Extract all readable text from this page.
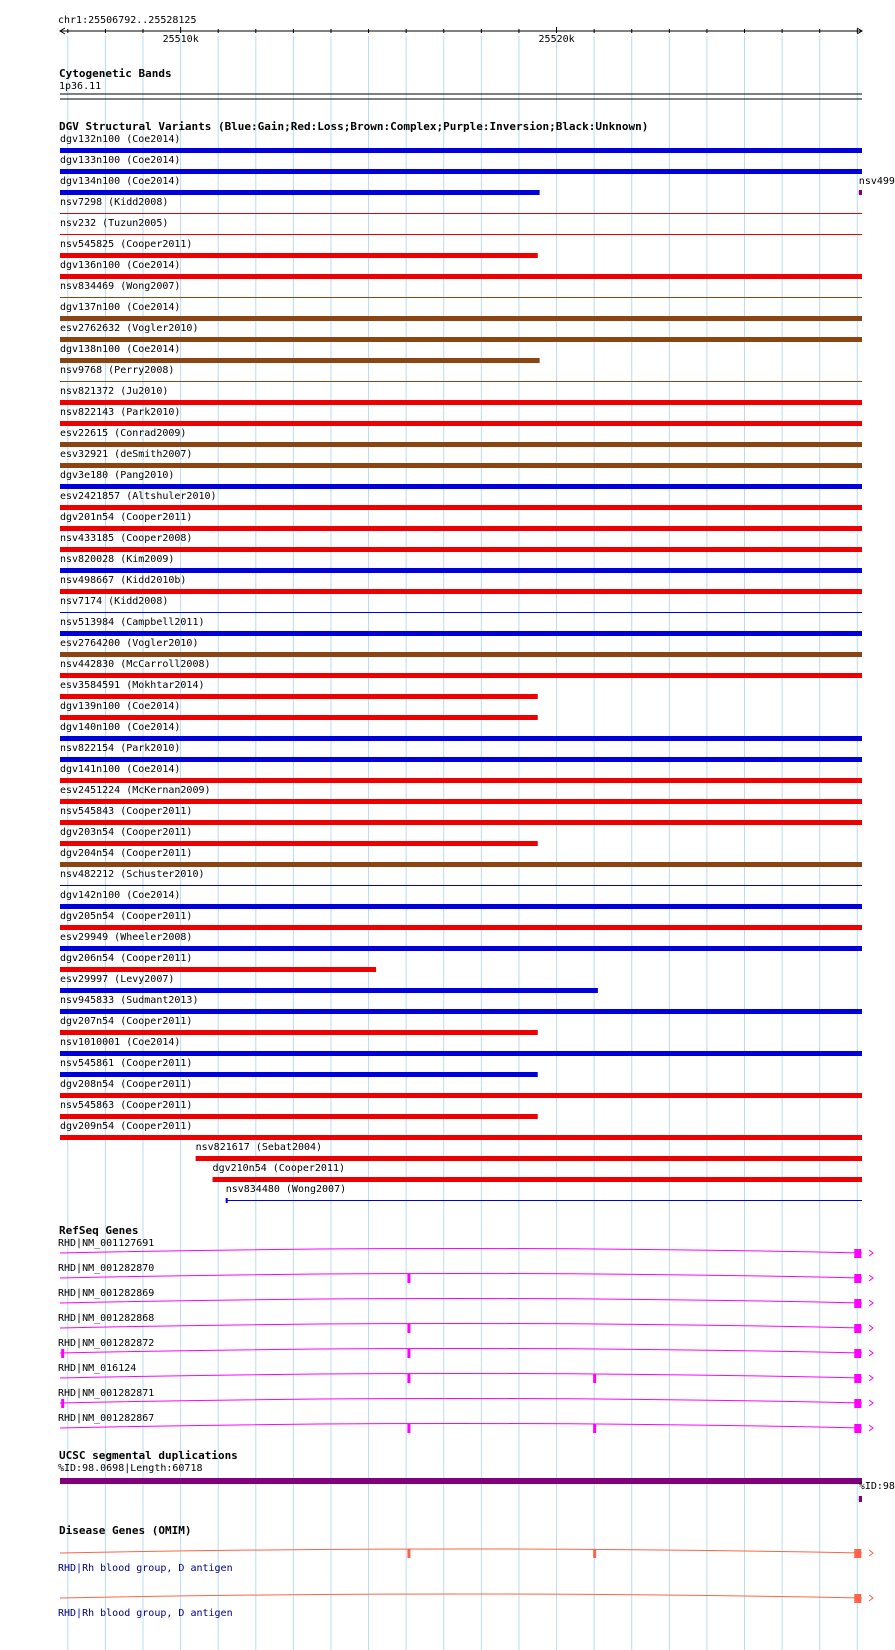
chr1:25506792..25528125
25510k	25520k
dgv132n100 (Coe2014)
dgv133n100 (Coe2014)
dgv134n100 (Coe2014)	nsv499
nsv7298 (Kidd2008)
nsv232 (Tuzun2005)
nsv545825 (Cooper2011)
dgv136n100 (Coe2014)
nsv834469 (Wong2007)
dgv137n100 (Coe2014)
esv2762632 (Vogler2010)
dgv138n100 (Coe2014)
nsv9768 (Perry2008)
nsv821372 (Ju2010)
nsv822143 (Park2010)
esv22615 (Conrad2009)
esv32921 (deSmith2007)
dgv3e180 (Pang2010)
esv2421857 (Altshuler2010)
dgv201n54 (Cooper2011)
nsv433185 (Cooper2008)
nsv820028 (Kim2009)
nsv498667 (Kidd2010b)
nsv7174 (Kidd2008)
nsv513984 (Campbell2011)
esv2764200 (Vogler2010)
nsv442830 (McCarroll2008)
esv3584591 (Mokhtar2014)
dgv139n100 (Coe2014)
dgv140n100 (Coe2014)
nsv822154 (Park2010)
dgv141n100 (Coe2014)
esv2451224 (McKernan2009)
nsv545843 (Cooper2011)
dgv203n54 (Cooper2011)
dgv204n54 (Cooper2011)
nsv482212 (Schuster2010)
dgv142n100 (Coe2014)
dgv205n54 (Cooper2011)
esv29949 (Wheeler2008)
dgv206n54 (Cooper2011)
esv29997 (Levy2007)
nsv945833 (Sudmant2013)
dgv207n54 (Cooper2011)
nsv1010001 (Coe2014)
nsv545861 (Cooper2011)
dgv208n54 (Cooper2011)
nsv545863 (Cooper2011)
dgv209n54 (Cooper2011)
nsv821617 (Sebat2004)
dgv210n54 (Cooper2011)
nsv834480 (Wong2007)
RHD|NM_001127691
RHD|NM_001282870
RHD|NM_001282869
RHD|NM_001282868
RHD|NM_001282872
RHD|NM_016124
RHD|NM_001282871
RHD|NM_001282867
%ID:98.0698|Length:60718
%ID:98
RHD|Rh blood group, D antigen
RHD|Rh blood group, D antigen
Cytogenetic Bands
1p36.11
DGV Structural Variants (Blue:Gain;Red:Loss;Brown:Complex;Purple:Inversion;Black:Unknown)
RefSeq Genes
UCSC segmental duplications
Disease Genes (OMIM)
